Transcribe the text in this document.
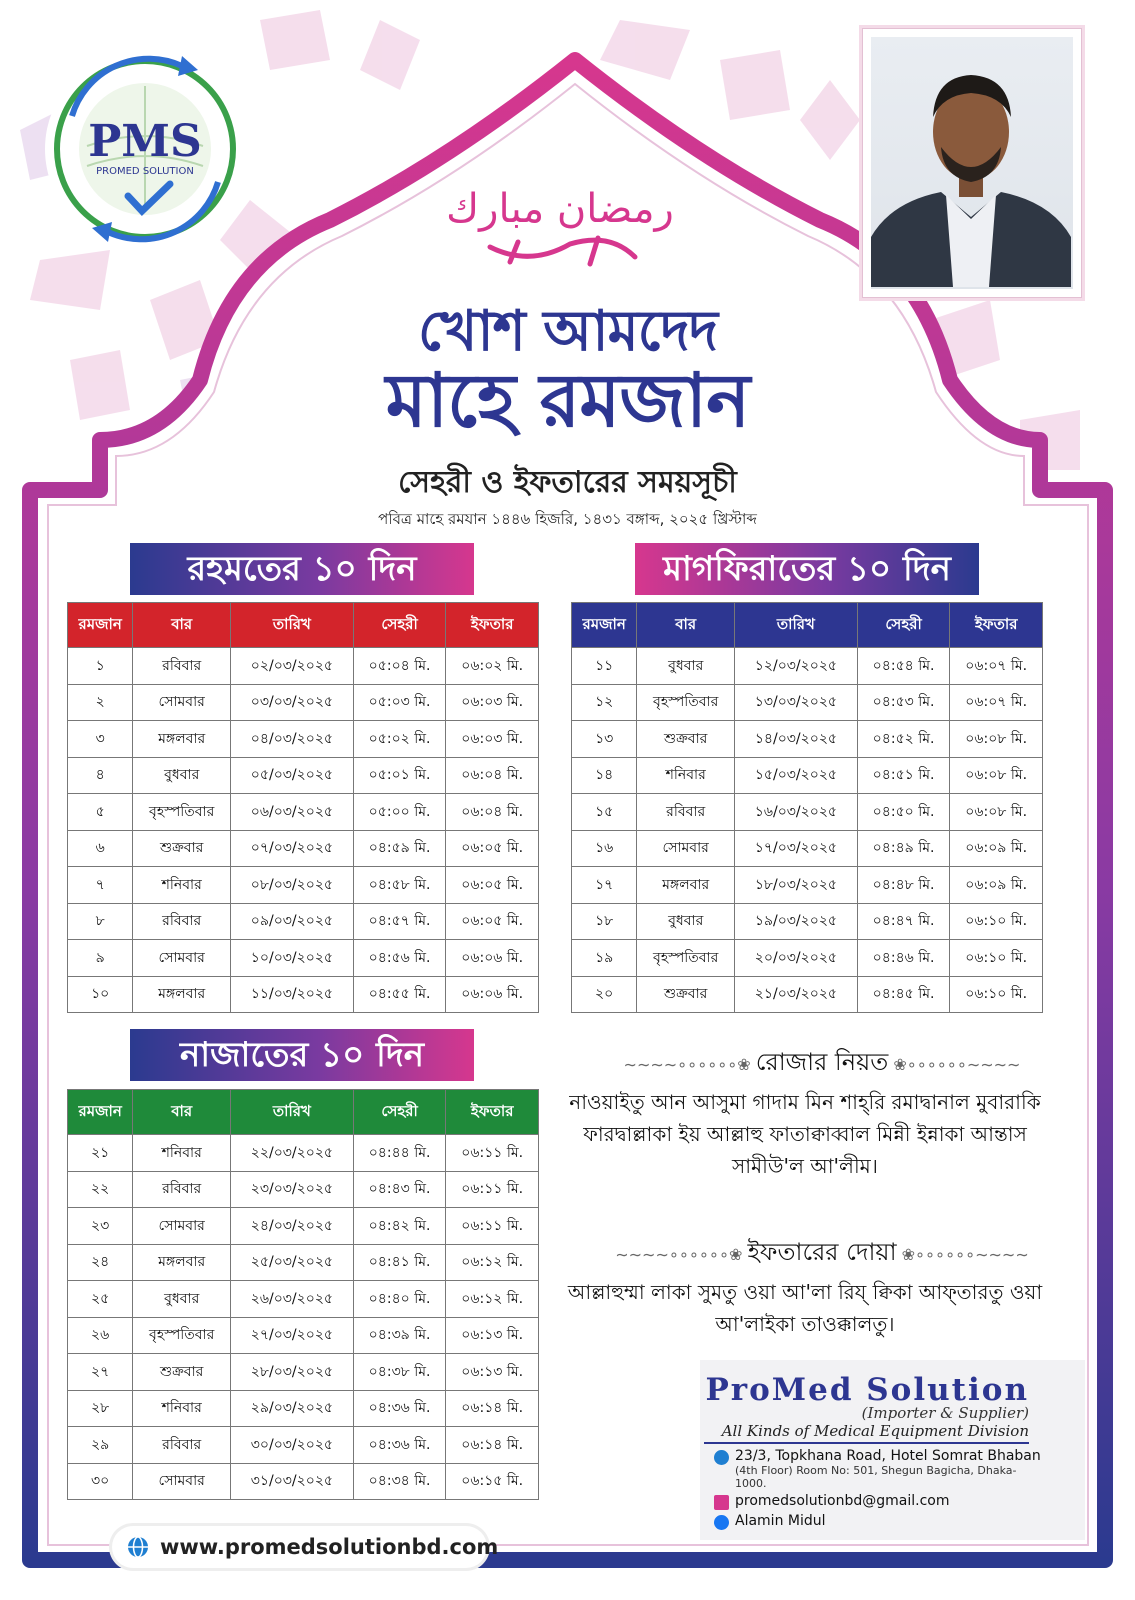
PMS
PROMED SOLUTION
رمضان مبارك
খোশ আমদেদ
মাহে রমজান
সেহরী ও ইফতারের সময়সূচী
পবিত্র মাহে রমযান ১৪৪৬ হিজরি, ১৪৩১ বঙ্গাব্দ, ২০২৫ খ্রিস্টাব্দ
রহমতের ১০ দিন	মাগফিরাতের ১০ দিন
নাজাতের ১০ দিন
রমজান	বার	তারিখ	সেহরী	ইফতার
১	রবিবার	০২/০৩/২০২৫	০৫:০৪ মি.	০৬:০২ মি.
২	সোমবার	০৩/০৩/২০২৫	০৫:০৩ মি.	০৬:০৩ মি.
৩	মঙ্গলবার	০৪/০৩/২০২৫	০৫:০২ মি.	০৬:০৩ মি.
৪	বুধবার	০৫/০৩/২০২৫	০৫:০১ মি.	০৬:০৪ মি.
৫	বৃহস্পতিবার	০৬/০৩/২০২৫	০৫:০০ মি.	০৬:০৪ মি.
৬	শুক্রবার	০৭/০৩/২০২৫	০৪:৫৯ মি.	০৬:০৫ মি.
৭	শনিবার	০৮/০৩/২০২৫	০৪:৫৮ মি.	০৬:০৫ মি.
৮	রবিবার	০৯/০৩/২০২৫	০৪:৫৭ মি.	০৬:০৫ মি.
৯	সোমবার	১০/০৩/২০২৫	০৪:৫৬ মি.	০৬:০৬ মি.
১০	মঙ্গলবার	১১/০৩/২০২৫	০৪:৫৫ মি.	০৬:০৬ মি.
রমজান	বার	তারিখ	সেহরী	ইফতার
১১	বুধবার	১২/০৩/২০২৫	০৪:৫৪ মি.	০৬:০৭ মি.
১২	বৃহস্পতিবার	১৩/০৩/২০২৫	০৪:৫৩ মি.	০৬:০৭ মি.
১৩	শুক্রবার	১৪/০৩/২০২৫	০৪:৫২ মি.	০৬:০৮ মি.
১৪	শনিবার	১৫/০৩/২০২৫	০৪:৫১ মি.	০৬:০৮ মি.
১৫	রবিবার	১৬/০৩/২০২৫	০৪:৫০ মি.	০৬:০৮ মি.
১৬	সোমবার	১৭/০৩/২০২৫	০৪:৪৯ মি.	০৬:০৯ মি.
১৭	মঙ্গলবার	১৮/০৩/২০২৫	০৪:৪৮ মি.	০৬:০৯ মি.
১৮	বুধবার	১৯/০৩/২০২৫	০৪:৪৭ মি.	০৬:১০ মি.
১৯	বৃহস্পতিবার	২০/০৩/২০২৫	০৪:৪৬ মি.	০৬:১০ মি.
২০	শুক্রবার	২১/০৩/২০২৫	০৪:৪৫ মি.	০৬:১০ মি.
রমজান	বার	তারিখ	সেহরী	ইফতার
২১	শনিবার	২২/০৩/২০২৫	০৪:৪৪ মি.	০৬:১১ মি.
২২	রবিবার	২৩/০৩/২০২৫	০৪:৪৩ মি.	০৬:১১ মি.
২৩	সোমবার	২৪/০৩/২০২৫	০৪:৪২ মি.	০৬:১১ মি.
২৪	মঙ্গলবার	২৫/০৩/২০২৫	০৪:৪১ মি.	০৬:১২ মি.
২৫	বুধবার	২৬/০৩/২০২৫	০৪:৪০ মি.	০৬:১২ মি.
২৬	বৃহস্পতিবার	২৭/০৩/২০২৫	০৪:৩৯ মি.	০৬:১৩ মি.
২৭	শুক্রবার	২৮/০৩/২০২৫	০৪:৩৮ মি.	০৬:১৩ মি.
২৮	শনিবার	২৯/০৩/২০২৫	০৪:৩৬ মি.	০৬:১৪ মি.
২৯	রবিবার	৩০/০৩/২০২৫	০৪:৩৬ মি.	০৬:১৪ মি.
৩০	সোমবার	৩১/০৩/২০২৫	০৪:৩৪ মি.	০৬:১৫ মি.
∼∼∼∼∘∘∘∘∘∘❀ রোজার নিয়ত ❀∘∘∘∘∘∘∼∼∼∼
নাওয়াইতু আন আসুমা গাদাম মিন শাহ্‌রি রমাদ্বানাল মুবারাকি ফারদ্বাল্লাকা ইয় আল্লাহু ফাতাক্বাব্বাল মিন্নী ইন্নাকা আন্তাস সামীউ'ল আ'লীম।
∼∼∼∼∘∘∘∘∘∘❀ ইফতারের দোয়া ❀∘∘∘∘∘∘∼∼∼∼
আল্লাহুম্মা লাকা সুমতু ওয়া আ'লা রিয্‌ ক্বিকা আফ্‌তারতু ওয়া আ'লাইকা তাওক্কালতু।
ProMed Solution
(Importer & Supplier)
All Kinds of Medical Equipment Division
23/3, Topkhana Road, Hotel Somrat Bhaban
(4th Floor) Room No: 501, Shegun Bagicha, Dhaka-1000.
promedsolutionbd@gmail.com
Alamin Midul
www.promedsolutionbd.com
